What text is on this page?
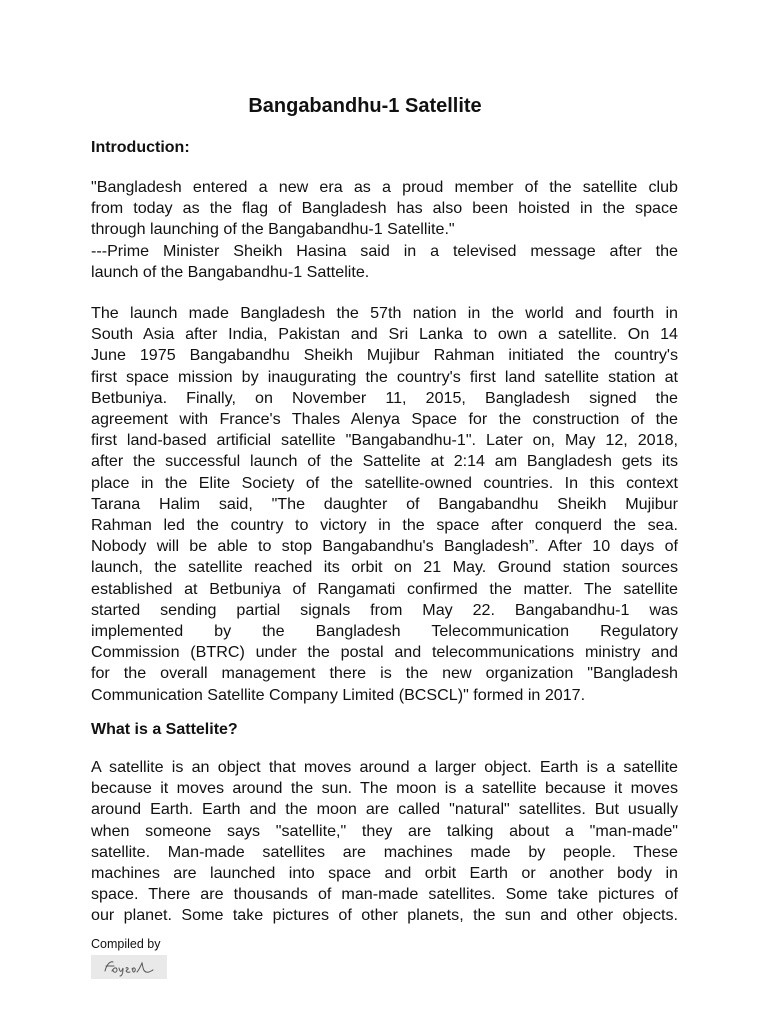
Bangabandhu-1 Satellite
Introduction:
"Bangladesh entered a new era as a proud member of the satellite club
from today as the flag of Bangladesh has also been hoisted in the space
through launching of the Bangabandhu-1 Satellite."
---Prime Minister Sheikh Hasina said in a televised message after the
launch of the Bangabandhu-1 Sattelite.
The launch made Bangladesh the 57th nation in the world and fourth in
South Asia after India, Pakistan and Sri Lanka to own a satellite. On 14
June 1975 Bangabandhu Sheikh Mujibur Rahman initiated the country's
first space mission by inaugurating the country's first land satellite station at
Betbuniya. Finally, on November 11, 2015, Bangladesh signed the
agreement with France's Thales Alenya Space for the construction of the
first land-based artificial satellite "Bangabandhu-1". Later on, May 12, 2018,
after the successful launch of the Sattelite at 2:14 am Bangladesh gets its
place in the Elite Society of the satellite-owned countries. In this context
Tarana Halim said, "The daughter of Bangabandhu Sheikh Mujibur
Rahman led the country to victory in the space after conquerd the sea.
Nobody will be able to stop Bangabandhu's Bangladesh”. After 10 days of
launch, the satellite reached its orbit on 21 May. Ground station sources
established at Betbuniya of Rangamati confirmed the matter. The satellite
started sending partial signals from May 22. Bangabandhu-1 was
implemented by the Bangladesh Telecommunication Regulatory
Commission (BTRC) under the postal and telecommunications ministry and
for the overall management there is the new organization "Bangladesh
Communication Satellite Company Limited (BCSCL)" formed in 2017.
What is a Sattelite?
A satellite is an object that moves around a larger object. Earth is a satellite
because it moves around the sun. The moon is a satellite because it moves
around Earth. Earth and the moon are called "natural" satellites. But usually
when someone says "satellite," they are talking about a "man-made"
satellite. Man-made satellites are machines made by people. These
machines are launched into space and orbit Earth or another body in
space. There are thousands of man-made satellites. Some take pictures of
our planet. Some take pictures of other planets, the sun and other objects.

Compiled by
